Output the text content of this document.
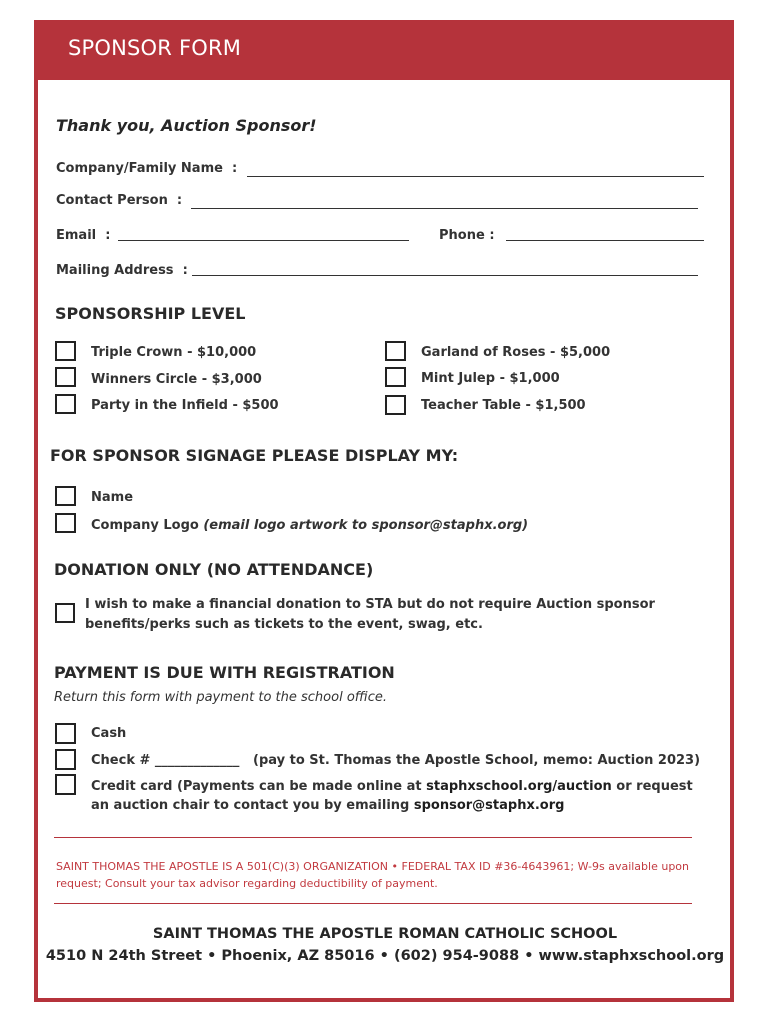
SPONSOR FORM
Thank you, Auction Sponsor!
Company/Family Name :
Contact Person :
Email :	Phone :
Mailing Address :
SPONSORSHIP LEVEL
Triple Crown - $10,000
Winners Circle - $3,000
Party in the Infield - $500
Garland of Roses - $5,000
Mint Julep - $1,000
Teacher Table - $1,500
FOR SPONSOR SIGNAGE PLEASE DISPLAY MY:
Name
Company Logo (email logo artwork to sponsor@staphx.org)
DONATION ONLY (NO ATTENDANCE)
I wish to make a financial donation to STA but do not require Auction sponsor
benefits/perks such as tickets to the event, swag, etc.
PAYMENT IS DUE WITH REGISTRATION
Return this form with payment to the school office.
Cash
Check # _____________ (pay to St. Thomas the Apostle School, memo: Auction 2023)
Credit card (Payments can be made online at staphxschool.org/auction or request
an auction chair to contact you by emailing sponsor@staphx.org
SAINT THOMAS THE APOSTLE IS A 501(C)(3) ORGANIZATION • FEDERAL TAX ID #36-4643961; W-9s available upon
request; Consult your tax advisor regarding deductibility of payment.
SAINT THOMAS THE APOSTLE ROMAN CATHOLIC SCHOOL
4510 N 24th Street • Phoenix, AZ 85016 • (602) 954-9088 • www.staphxschool.org
